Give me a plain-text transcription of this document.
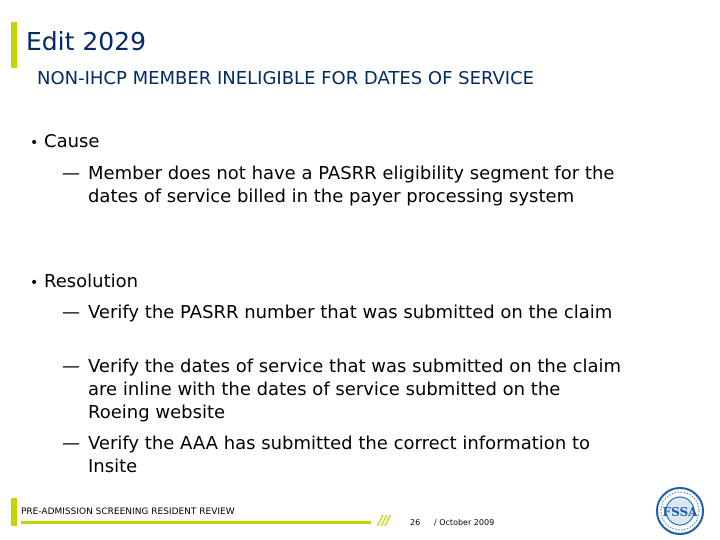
Edit 2029
NON-IHCP MEMBER INELIGIBLE FOR DATES OF SERVICE
• Cause
— Member does not have a PASRR eligibility segment for the dates of service billed in the payer processing system
• Resolution
— Verify the PASRR number that was submitted on the claim
— Verify the dates of service that was submitted on the claim are inline with the dates of service submitted on the Roeing website
— Verify the AAA has submitted the correct information to Insite
PRE-ADMISSION SCREENING RESIDENT REVIEW
///	26 / October 2009
FSSA
